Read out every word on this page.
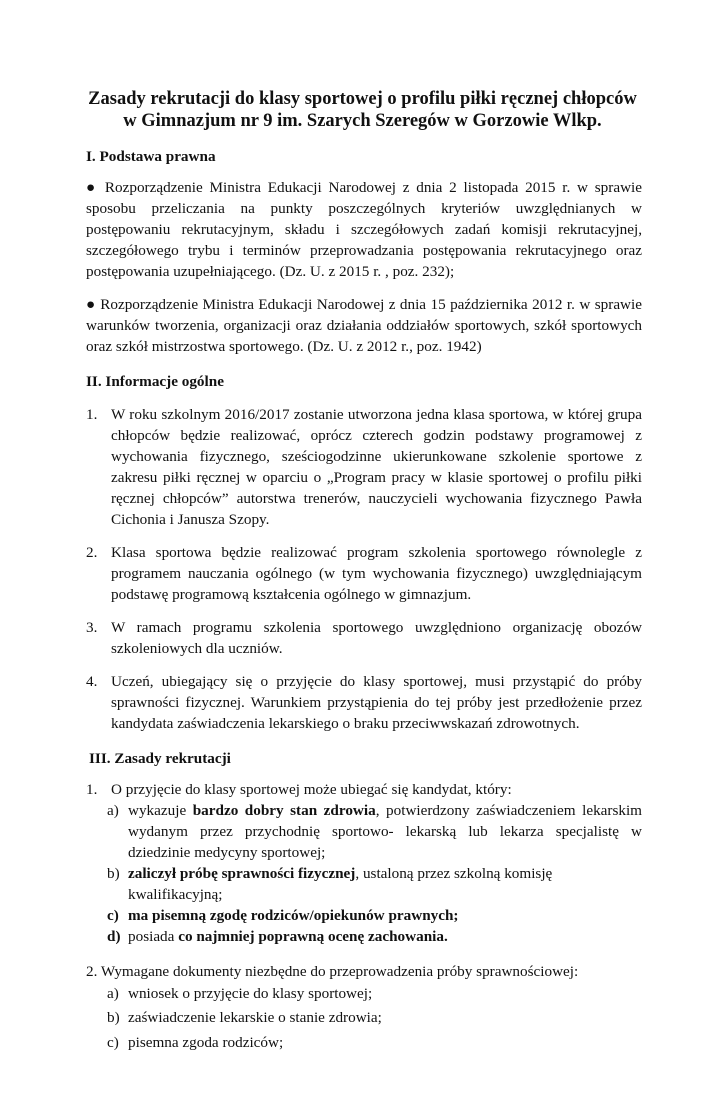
Zasady rekrutacji do klasy sportowej o profilu piłki ręcznej chłopców
w Gimnazjum nr 9 im. Szarych Szeregów w Gorzowie Wlkp.
I. Podstawa prawna
● Rozporządzenie Ministra Edukacji Narodowej z dnia 2 listopada 2015 r. w sprawie sposobu przeliczania na punkty poszczególnych kryteriów uwzględnianych w postępowaniu rekrutacyjnym, składu i szczegółowych zadań komisji rekrutacyjnej, szczegółowego trybu i terminów przeprowadzania postępowania rekrutacyjnego oraz postępowania uzupełniającego. (Dz. U. z 2015 r. , poz. 232);
● Rozporządzenie Ministra Edukacji Narodowej z dnia 15 października 2012 r. w sprawie warunków tworzenia, organizacji oraz działania oddziałów sportowych, szkół sportowych oraz szkół mistrzostwa sportowego. (Dz. U. z 2012 r., poz. 1942)
II. Informacje ogólne
1. W roku szkolnym 2016/2017 zostanie utworzona jedna klasa sportowa, w której grupa chłopców będzie realizować, oprócz czterech godzin podstawy programowej z wychowania fizycznego, sześciogodzinne ukierunkowane szkolenie sportowe z zakresu piłki ręcznej w oparciu o „Program pracy w klasie sportowej o profilu piłki ręcznej chłopców” autorstwa trenerów, nauczycieli wychowania fizycznego Pawła Cichonia i Janusza Szopy.
2. Klasa sportowa będzie realizować program szkolenia sportowego równolegle z programem nauczania ogólnego (w tym wychowania fizycznego) uwzględniającym podstawę programową kształcenia ogólnego w gimnazjum.
3. W ramach programu szkolenia sportowego uwzględniono organizację obozów szkoleniowych dla uczniów.
4. Uczeń, ubiegający się o przyjęcie do klasy sportowej, musi przystąpić do próby sprawności fizycznej. Warunkiem przystąpienia do tej próby jest przedłożenie przez kandydata zaświadczenia lekarskiego o braku przeciwwskazań zdrowotnych.
III. Zasady rekrutacji
1. O przyjęcie do klasy sportowej może ubiegać się kandydat, który:
a) wykazuje bardzo dobry stan zdrowia, potwierdzony zaświadczeniem lekarskim wydanym przez przychodnię sportowo- lekarską lub lekarza specjalistę w dziedzinie medycyny sportowej;
b) zaliczył próbę sprawności fizycznej, ustaloną przez szkolną komisję kwalifikacyjną;
c) ma pisemną zgodę rodziców/opiekunów prawnych;
d) posiada co najmniej poprawną ocenę zachowania.
2. Wymagane dokumenty niezbędne do przeprowadzenia próby sprawnościowej:
a) wniosek o przyjęcie do klasy sportowej;
b) zaświadczenie lekarskie o stanie zdrowia;
c) pisemna zgoda rodziców;
